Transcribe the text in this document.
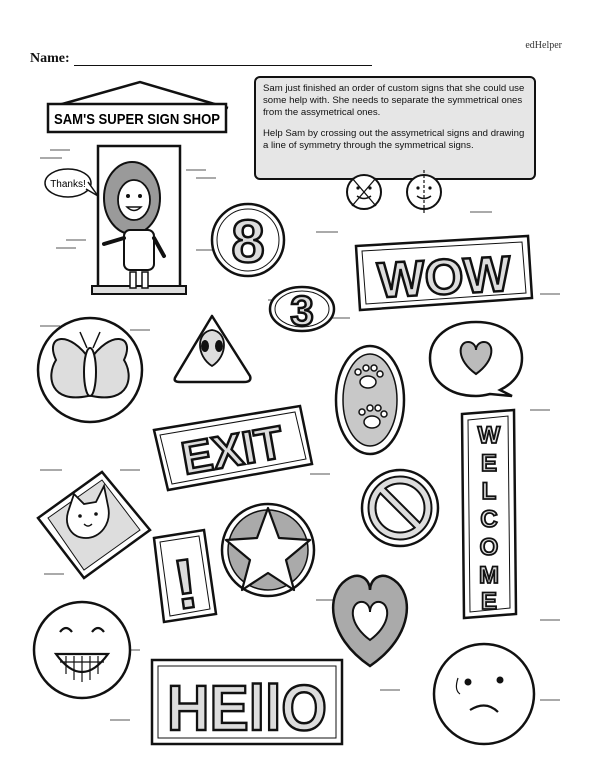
edHelper
Name:

Sam just finished an order of custom signs that she could use some help with. She needs to separate the symmetrical ones from the assymetrical ones.

Help Sam by crossing out the assymetrical signs and drawing a line of symmetry through the symmetrical signs.

SAM'S SUPER SIGN SHOP
Thanks!
8
WOW
3
EXIT	W
E
L
C
O
M
E
!
HEllO
